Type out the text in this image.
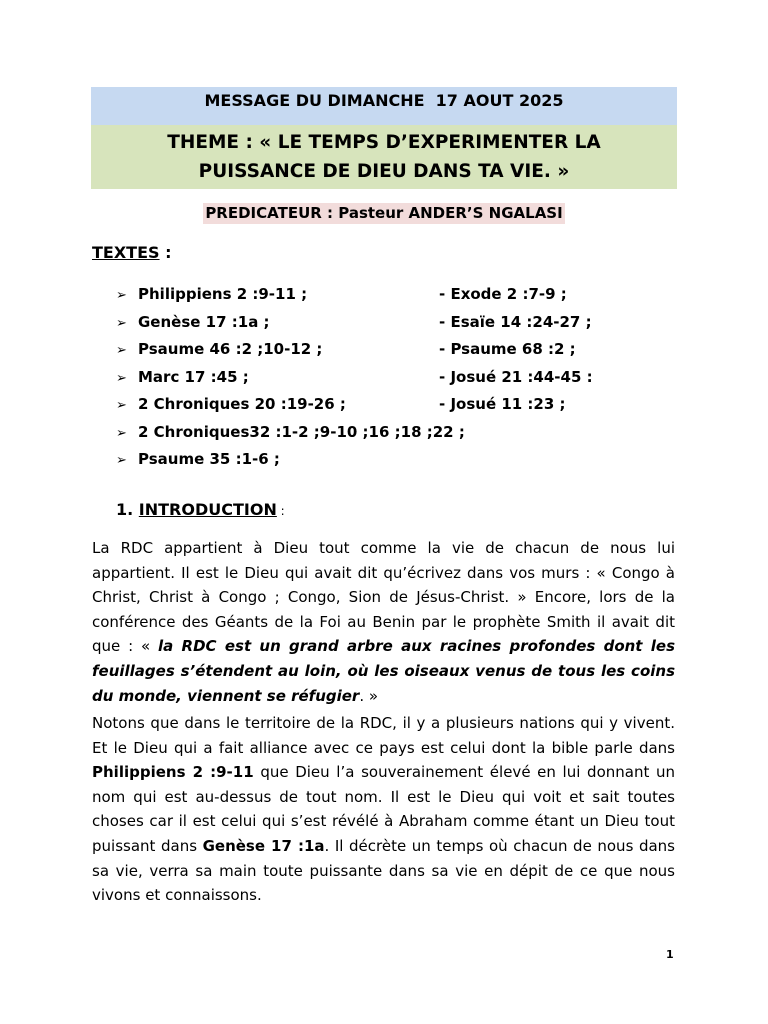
MESSAGE DU DIMANCHE  17 AOUT 2025
THEME : « LE TEMPS D’EXPERIMENTER LA
PUISSANCE DE DIEU DANS TA VIE. »
PREDICATEUR : Pasteur ANDER’S NGALASI
TEXTES :
➢ Philippiens 2 :9-11 ;	- Exode 2 :7-9 ;
➢ Genèse 17 :1a ;	- Esaïe 14 :24-27 ;
➢ Psaume 46 :2 ;10-12 ;	- Psaume 68 :2 ;
➢ Marc 17 :45 ;	- Josué 21 :44-45 :
➢ 2 Chroniques 20 :19-26 ;	- Josué 11 :23 ;
➢ 2 Chroniques32 :1-2 ;9-10 ;16 ;18 ;22 ;
➢ Psaume 35 :1-6 ;
1. INTRODUCTION :

La RDC appartient à Dieu tout comme la vie de chacun de nous lui appartient. Il est le Dieu qui avait dit qu’écrivez dans vos murs : « Congo à Christ, Christ à Congo ; Congo, Sion de Jésus-Christ. » Encore, lors de la conférence des Géants de la Foi au Benin par le prophète Smith il avait dit que : « la RDC est un grand arbre aux racines profondes dont les feuillages s’étendent au loin, où les oiseaux venus de tous les coins du monde, viennent se réfugier. »

Notons que dans le territoire de la RDC, il y a plusieurs nations qui y vivent. Et le Dieu qui a fait alliance avec ce pays est celui dont la bible parle dans Philippiens 2 :9-11 que Dieu l’a souverainement élevé en lui donnant un nom qui est au-dessus de tout nom. Il est le Dieu qui voit et sait toutes choses car il est celui qui s’est révélé à Abraham comme étant un Dieu tout puissant dans Genèse 17 :1a. Il décrète un temps où chacun de nous dans sa vie, verra sa main toute puissante dans sa vie en dépit de ce que nous vivons et connaissons.

1
